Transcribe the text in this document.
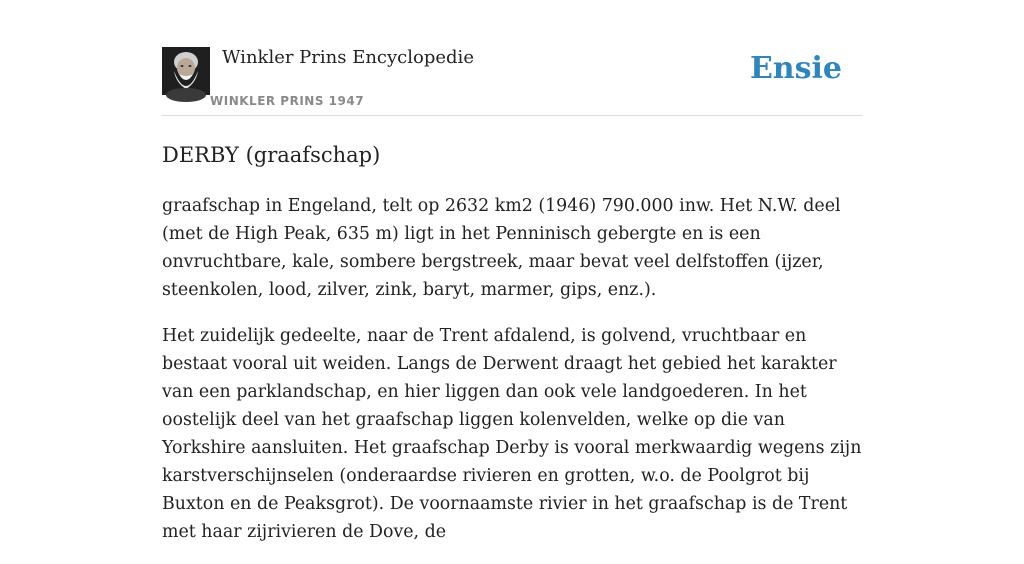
Winkler Prins Encyclopedie
WINKLER PRINS 1947
Ensie
DERBY (graafschap)

graafschap in Engeland, telt op 2632 km2 (1946) 790.000 inw. Het N.W. deel (met de High Peak, 635 m) ligt in het Penninisch gebergte en is een onvruchtbare, kale, sombere bergstreek, maar bevat veel delfstoffen (ijzer, steenkolen, lood, zilver, zink, baryt, marmer, gips, enz.).

Het zuidelijk gedeelte, naar de Trent afdalend, is golvend, vruchtbaar en bestaat vooral uit weiden. Langs de Derwent draagt het gebied het karakter van een parklandschap, en hier liggen dan ook vele landgoederen. In het oostelijk deel van het graafschap liggen kolenvelden, welke op die van Yorkshire aansluiten. Het graafschap Derby is vooral merkwaardig wegens zijn karstverschijnselen (onderaardse rivieren en grotten, w.o. de Poolgrot bij Buxton en de Peaksgrot). De voornaamste rivier in het graafschap is de Trent met haar zijrivieren de Dove, de
